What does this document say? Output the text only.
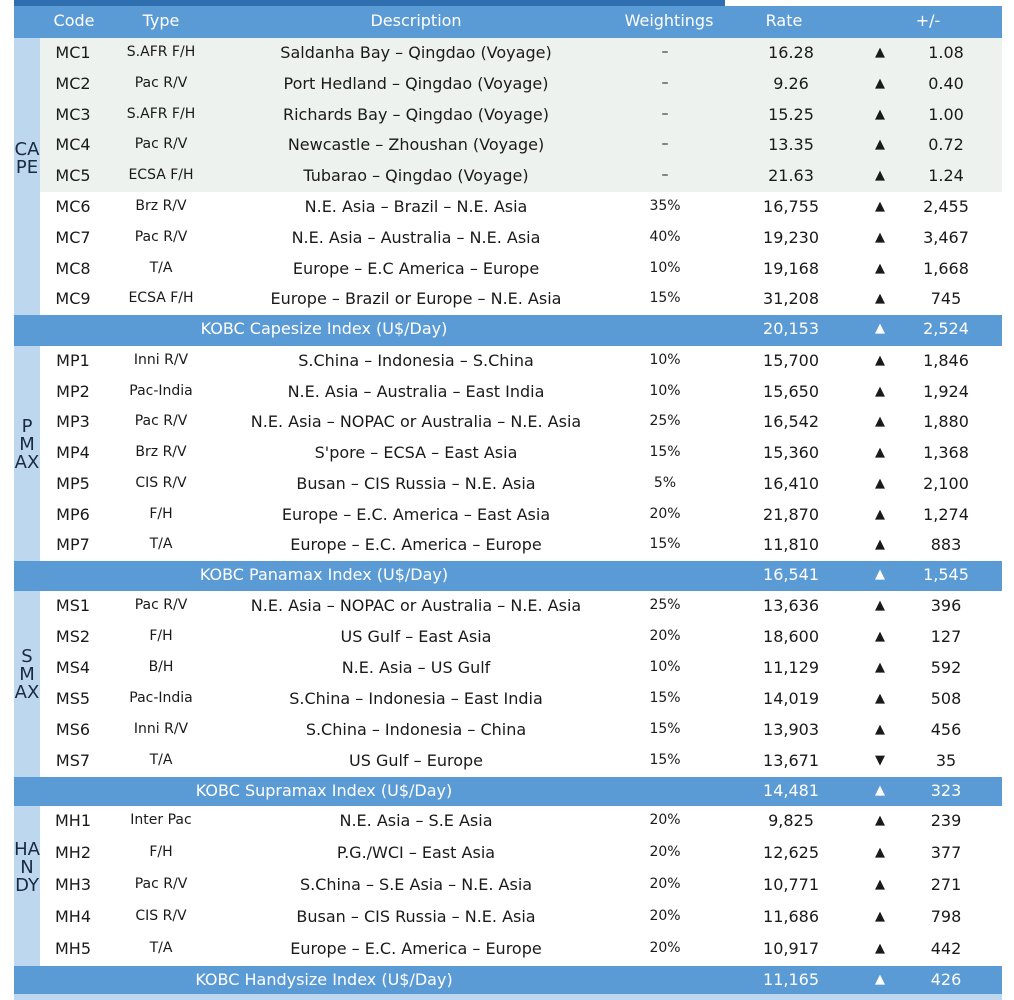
Code	Type	Description	Weightings	Rate	+/-
CAPE
MC1	S.AFR F/H	Saldanha Bay – Qingdao (Voyage)	–	16.28	▲	1.08
MC2	Pac R/V	Port Hedland – Qingdao (Voyage)	–	9.26	▲	0.40
MC3	S.AFR F/H	Richards Bay – Qingdao (Voyage)	–	15.25	▲	1.00
MC4	Pac R/V	Newcastle – Zhoushan (Voyage)	–	13.35	▲	0.72
MC5	ECSA F/H	Tubarao – Qingdao (Voyage)	–	21.63	▲	1.24
MC6	Brz R/V	N.E. Asia – Brazil – N.E. Asia	35%	16,755	▲ 2,455
MC7	Pac R/V	N.E. Asia – Australia – N.E. Asia	40%	19,230	▲ 3,467
MC8	T/A	Europe – E.C America – Europe	10%	19,168	▲ 1,668
MC9	ECSA F/H	Europe – Brazil or Europe – N.E. Asia	15%	31,208	▲	745
KOBC Capesize Index (U$/Day)	20,153	▲ 2,524
PMAX
MP1	Inni R/V	S.China – Indonesia – S.China	10%	15,700	▲ 1,846
MP2	Pac-India	N.E. Asia – Australia – East India	10%	15,650	▲ 1,924
MP3	Pac R/V	N.E. Asia – NOPAC or Australia – N.E. Asia	25%	16,542	▲ 1,880
MP4	Brz R/V	S'pore – ECSA – East Asia	15%	15,360	▲ 1,368
MP5	CIS R/V	Busan – CIS Russia – N.E. Asia	5%	16,410	▲ 2,100
MP6	F/H	Europe – E.C. America – East Asia	20%	21,870	▲ 1,274
MP7	T/A	Europe – E.C. America – Europe	15%	11,810	▲	883
KOBC Panamax Index (U$/Day)	16,541	▲ 1,545
SMAX
MS1	Pac R/V	N.E. Asia – NOPAC or Australia – N.E. Asia	25%	13,636	▲	396
MS2	F/H	US Gulf – East Asia	20%	18,600	▲	127
MS4	B/H	N.E. Asia – US Gulf	10%	11,129	▲	592
MS5	Pac-India	S.China – Indonesia – East India	15%	14,019	▲	508
MS6	Inni R/V	S.China – Indonesia – China	15%	13,903	▲	456
MS7	T/A	US Gulf – Europe	15%	13,671	▼	35
KOBC Supramax Index (U$/Day)	14,481	▲	323
HANDY
MH1	Inter Pac	N.E. Asia – S.E Asia	20%	9,825	▲	239
MH2	F/H	P.G./WCI – East Asia	20%	12,625	▲	377
MH3	Pac R/V	S.China – S.E Asia – N.E. Asia	20%	10,771	▲	271
MH4	CIS R/V	Busan – CIS Russia – N.E. Asia	20%	11,686	▲	798
MH5	T/A	Europe – E.C. America – Europe	20%	10,917	▲	442
KOBC Handysize Index (U$/Day)	11,165	▲	426
